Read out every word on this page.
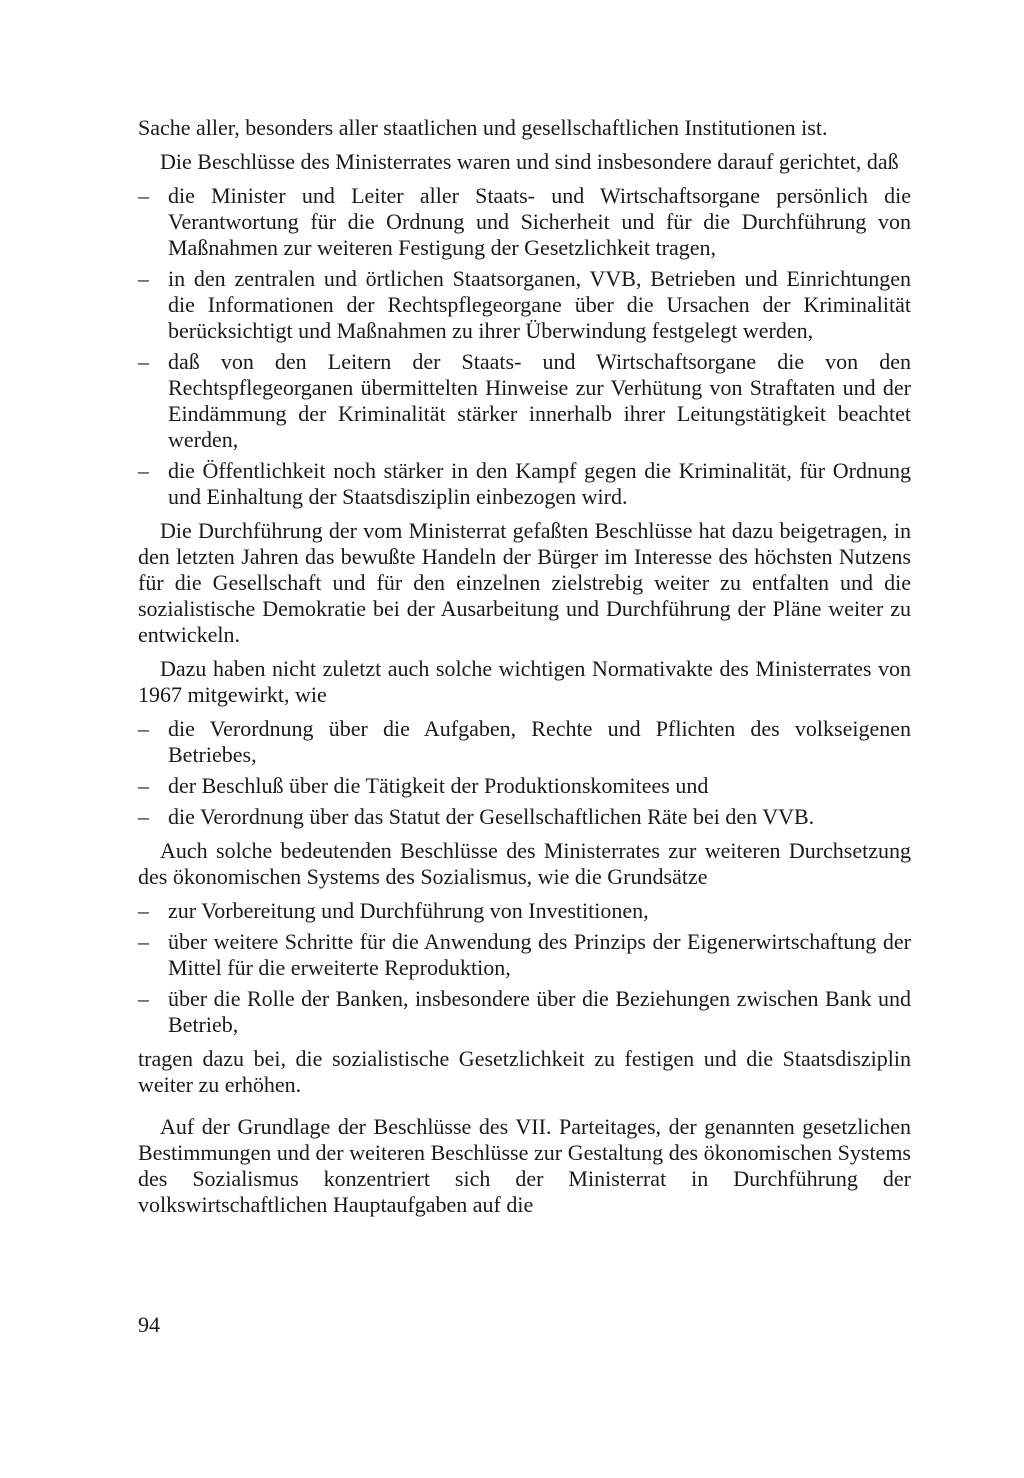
Sache aller, besonders aller staatlichen und gesellschaftlichen Institutionen ist.

Die Beschlüsse des Ministerrates waren und sind insbesondere darauf gerichtet, daß

– die Minister und Leiter aller Staats- und Wirtschaftsorgane persönlich die Verantwortung für die Ordnung und Sicherheit und für die Durchführung von Maßnahmen zur weiteren Festigung der Gesetzlichkeit tragen,
– in den zentralen und örtlichen Staatsorganen, VVB, Betrieben und Einrichtungen die Informationen der Rechtspflegeorgane über die Ursachen der Kriminalität berücksichtigt und Maßnahmen zu ihrer Überwindung festgelegt werden,
– daß von den Leitern der Staats- und Wirtschaftsorgane die von den Rechtspflegeorganen übermittelten Hinweise zur Verhütung von Straftaten und der Eindämmung der Kriminalität stärker innerhalb ihrer Leitungstätigkeit beachtet werden,
– die Öffentlichkeit noch stärker in den Kampf gegen die Kriminalität, für Ordnung und Einhaltung der Staatsdisziplin einbezogen wird.

Die Durchführung der vom Ministerrat gefaßten Beschlüsse hat dazu beigetragen, in den letzten Jahren das bewußte Handeln der Bürger im Interesse des höchsten Nutzens für die Gesellschaft und für den einzelnen zielstrebig weiter zu entfalten und die sozialistische Demokratie bei der Ausarbeitung und Durchführung der Pläne weiter zu entwickeln.

Dazu haben nicht zuletzt auch solche wichtigen Normativakte des Ministerrates von 1967 mitgewirkt, wie

– die Verordnung über die Aufgaben, Rechte und Pflichten des volkseigenen Betriebes,
– der Beschluß über die Tätigkeit der Produktionskomitees und
– die Verordnung über das Statut der Gesellschaftlichen Räte bei den VVB.

Auch solche bedeutenden Beschlüsse des Ministerrates zur weiteren Durchsetzung des ökonomischen Systems des Sozialismus, wie die Grundsätze

– zur Vorbereitung und Durchführung von Investitionen,
– über weitere Schritte für die Anwendung des Prinzips der Eigenerwirtschaftung der Mittel für die erweiterte Reproduktion,
– über die Rolle der Banken, insbesondere über die Beziehungen zwischen Bank und Betrieb,

tragen dazu bei, die sozialistische Gesetzlichkeit zu festigen und die Staatsdisziplin weiter zu erhöhen.

Auf der Grundlage der Beschlüsse des VII. Parteitages, der genannten gesetzlichen Bestimmungen und der weiteren Beschlüsse zur Gestaltung des ökonomischen Systems des Sozialismus konzentriert sich der Ministerrat in Durchführung der volkswirtschaftlichen Hauptaufgaben auf die

94
